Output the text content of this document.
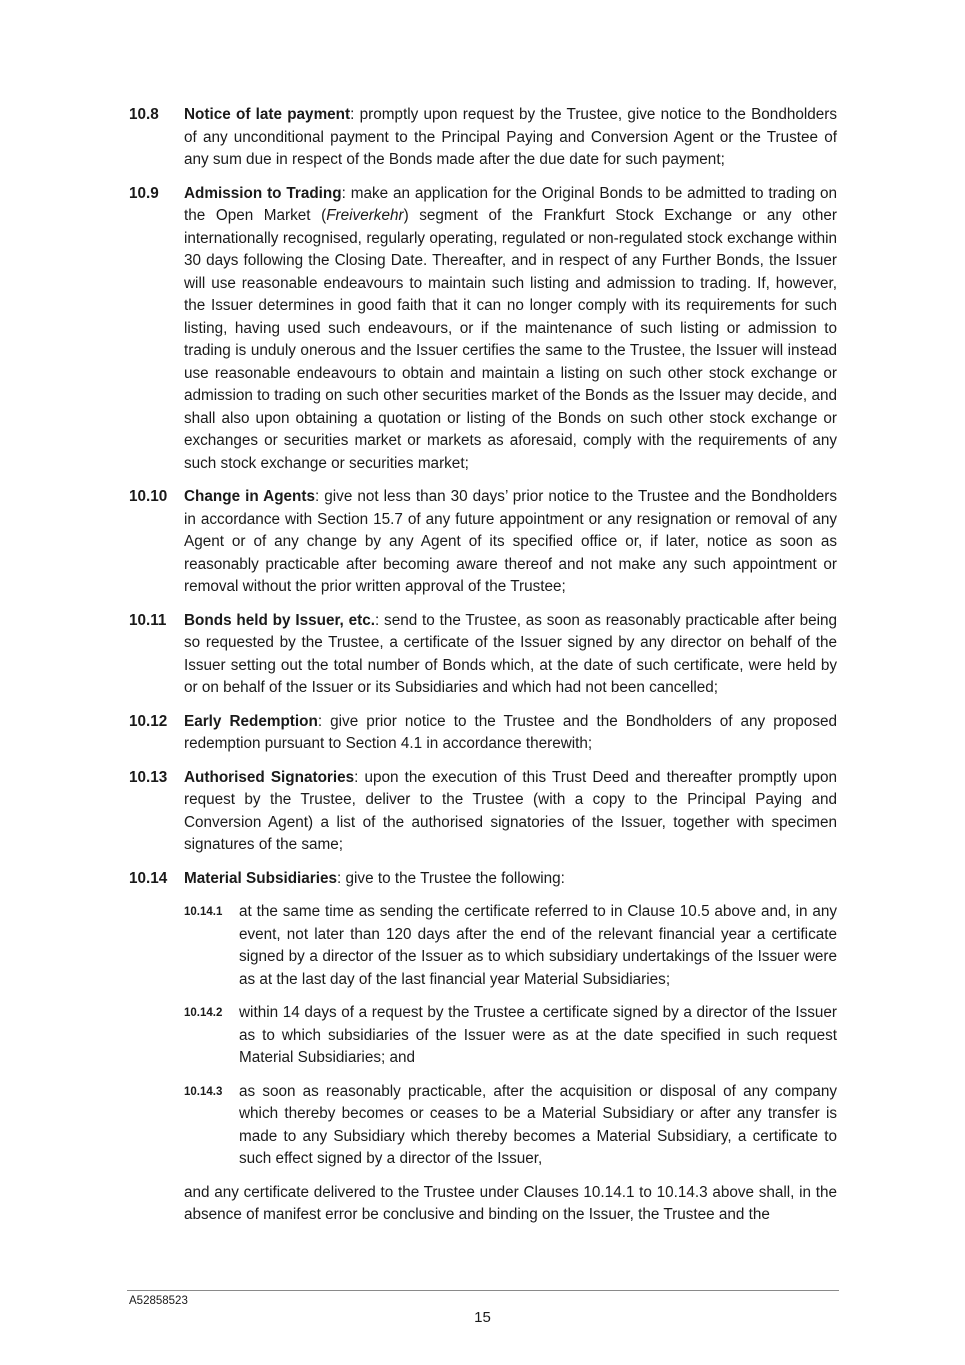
10.8	Notice of late payment: promptly upon request by the Trustee, give notice to the Bondholders of any unconditional payment to the Principal Paying and Conversion Agent or the Trustee of any sum due in respect of the Bonds made after the due date for such payment;
10.9	Admission to Trading: make an application for the Original Bonds to be admitted to trading on the Open Market (Freiverkehr) segment of the Frankfurt Stock Exchange or any other internationally recognised, regularly operating, regulated or non-regulated stock exchange within 30 days following the Closing Date. Thereafter, and in respect of any Further Bonds, the Issuer will use reasonable endeavours to maintain such listing and admission to trading. If, however, the Issuer determines in good faith that it can no longer comply with its requirements for such listing, having used such endeavours, or if the maintenance of such listing or admission to trading is unduly onerous and the Issuer certifies the same to the Trustee, the Issuer will instead use reasonable endeavours to obtain and maintain a listing on such other stock exchange or admission to trading on such other securities market of the Bonds as the Issuer may decide, and shall also upon obtaining a quotation or listing of the Bonds on such other stock exchange or exchanges or securities market or markets as aforesaid, comply with the requirements of any such stock exchange or securities market;
10.10	Change in Agents: give not less than 30 days’ prior notice to the Trustee and the Bondholders in accordance with Section 15.7 of any future appointment or any resignation or removal of any Agent or of any change by any Agent of its specified office or, if later, notice as soon as reasonably practicable after becoming aware thereof and not make any such appointment or removal without the prior written approval of the Trustee;
10.11	Bonds held by Issuer, etc.: send to the Trustee, as soon as reasonably practicable after being so requested by the Trustee, a certificate of the Issuer signed by any director on behalf of the Issuer setting out the total number of Bonds which, at the date of such certificate, were held by or on behalf of the Issuer or its Subsidiaries and which had not been cancelled;
10.12	Early Redemption: give prior notice to the Trustee and the Bondholders of any proposed redemption pursuant to Section 4.1 in accordance therewith;
10.13	Authorised Signatories: upon the execution of this Trust Deed and thereafter promptly upon request by the Trustee, deliver to the Trustee (with a copy to the Principal Paying and Conversion Agent) a list of the authorised signatories of the Issuer, together with specimen signatures of the same;
10.14	Material Subsidiaries: give to the Trustee the following:
10.14.1	at the same time as sending the certificate referred to in Clause 10.5 above and, in any event, not later than 120 days after the end of the relevant financial year a certificate signed by a director of the Issuer as to which subsidiary undertakings of the Issuer were as at the last day of the last financial year Material Subsidiaries;
10.14.2	within 14 days of a request by the Trustee a certificate signed by a director of the Issuer as to which subsidiaries of the Issuer were as at the date specified in such request Material Subsidiaries; and
10.14.3	as soon as reasonably practicable, after the acquisition or disposal of any company which thereby becomes or ceases to be a Material Subsidiary or after any transfer is made to any Subsidiary which thereby becomes a Material Subsidiary, a certificate to such effect signed by a director of the Issuer,
and any certificate delivered to the Trustee under Clauses 10.14.1 to 10.14.3 above shall, in the absence of manifest error be conclusive and binding on the Issuer, the Trustee and the
A52858523
15
